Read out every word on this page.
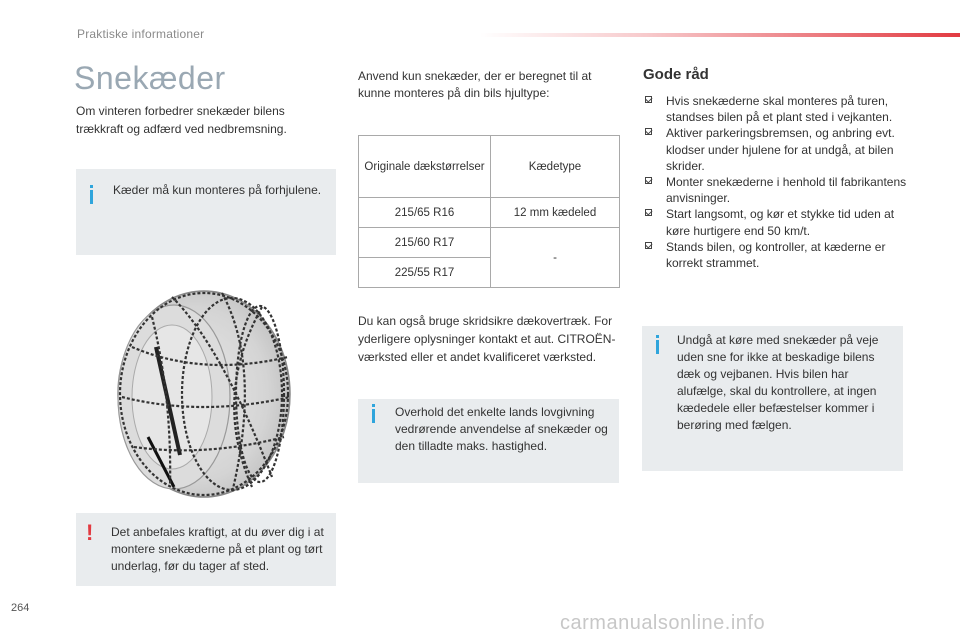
Praktiske informationer
Snekæder

Om vinteren forbedrer snekæder bilens trækkraft og adfærd ved nedbremsning.

Kæder må kun monteres på forhjulene.
! Det anbefales kraftigt, at du øver dig i at montere snekæderne på et plant og tørt underlag, før du tager af sted.

Anvend kun snekæder, der er beregnet til at kunne monteres på din bils hjultype:

Originale dækstørrelser	Kædetype
215/65 R16	12 mm kædeled
215/60 R17	-
225/55 R17	

Du kan også bruge skridsikre dækovertræk. For yderligere oplysninger kontakt et aut. CITROËN-værksted eller et andet kvalificeret værksted.

Overhold det enkelte lands lovgivning vedrørende anvendelse af snekæder og den tilladte maks. hastighed.
Gode råd
Hvis snekæderne skal monteres på turen, standses bilen på et plant sted i vejkanten.
Aktiver parkeringsbremsen, og anbring evt. klodser under hjulene for at undgå, at bilen skrider.
Monter snekæderne i henhold til fabrikantens anvisninger.
Start langsomt, og kør et stykke tid uden at køre hurtigere end 50 km/t.
Stands bilen, og kontroller, at kæderne er korrekt strammet.
Undgå at køre med snekæder på veje uden sne for ikke at beskadige bilens dæk og vejbanen. Hvis bilen har alufælge, skal du kontrollere, at ingen kædedele eller befæstelser kommer i berøring med fælgen.
264
carmanualsonline.info
